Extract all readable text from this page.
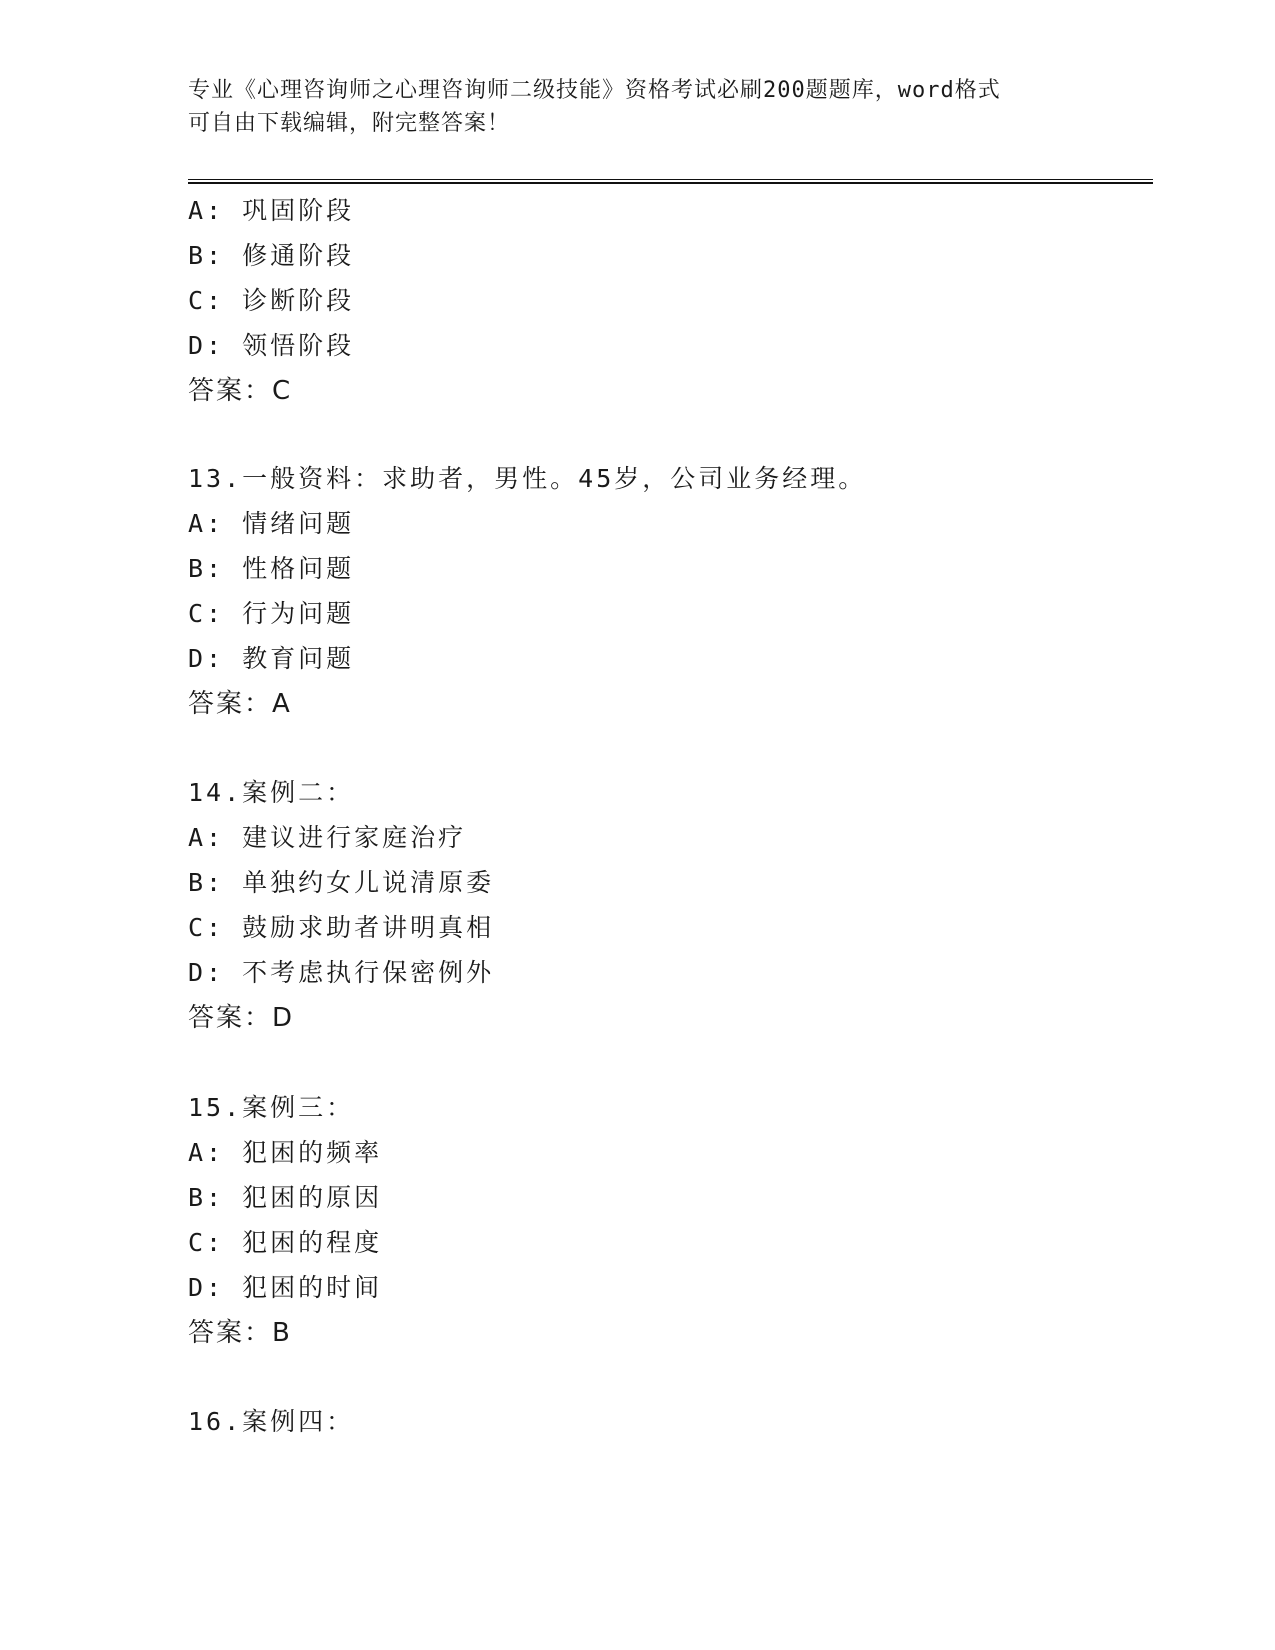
专业《心理咨询师之心理咨询师二级技能》资格考试必刷200题题库，word格式
可自由下载编辑，附完整答案！
A: 巩固阶段
B: 修通阶段
C: 诊断阶段
D: 领悟阶段
答案：C
13.一般资料：求助者，男性。45岁，公司业务经理。
A: 情绪问题
B: 性格问题
C: 行为问题
D: 教育问题
答案：A
14.案例二：
A: 建议进行家庭治疗
B: 单独约女儿说清原委
C: 鼓励求助者讲明真相
D: 不考虑执行保密例外
答案：D
15.案例三：
A: 犯困的频率
B: 犯困的原因
C: 犯困的程度
D: 犯困的时间
答案：B
16.案例四：
